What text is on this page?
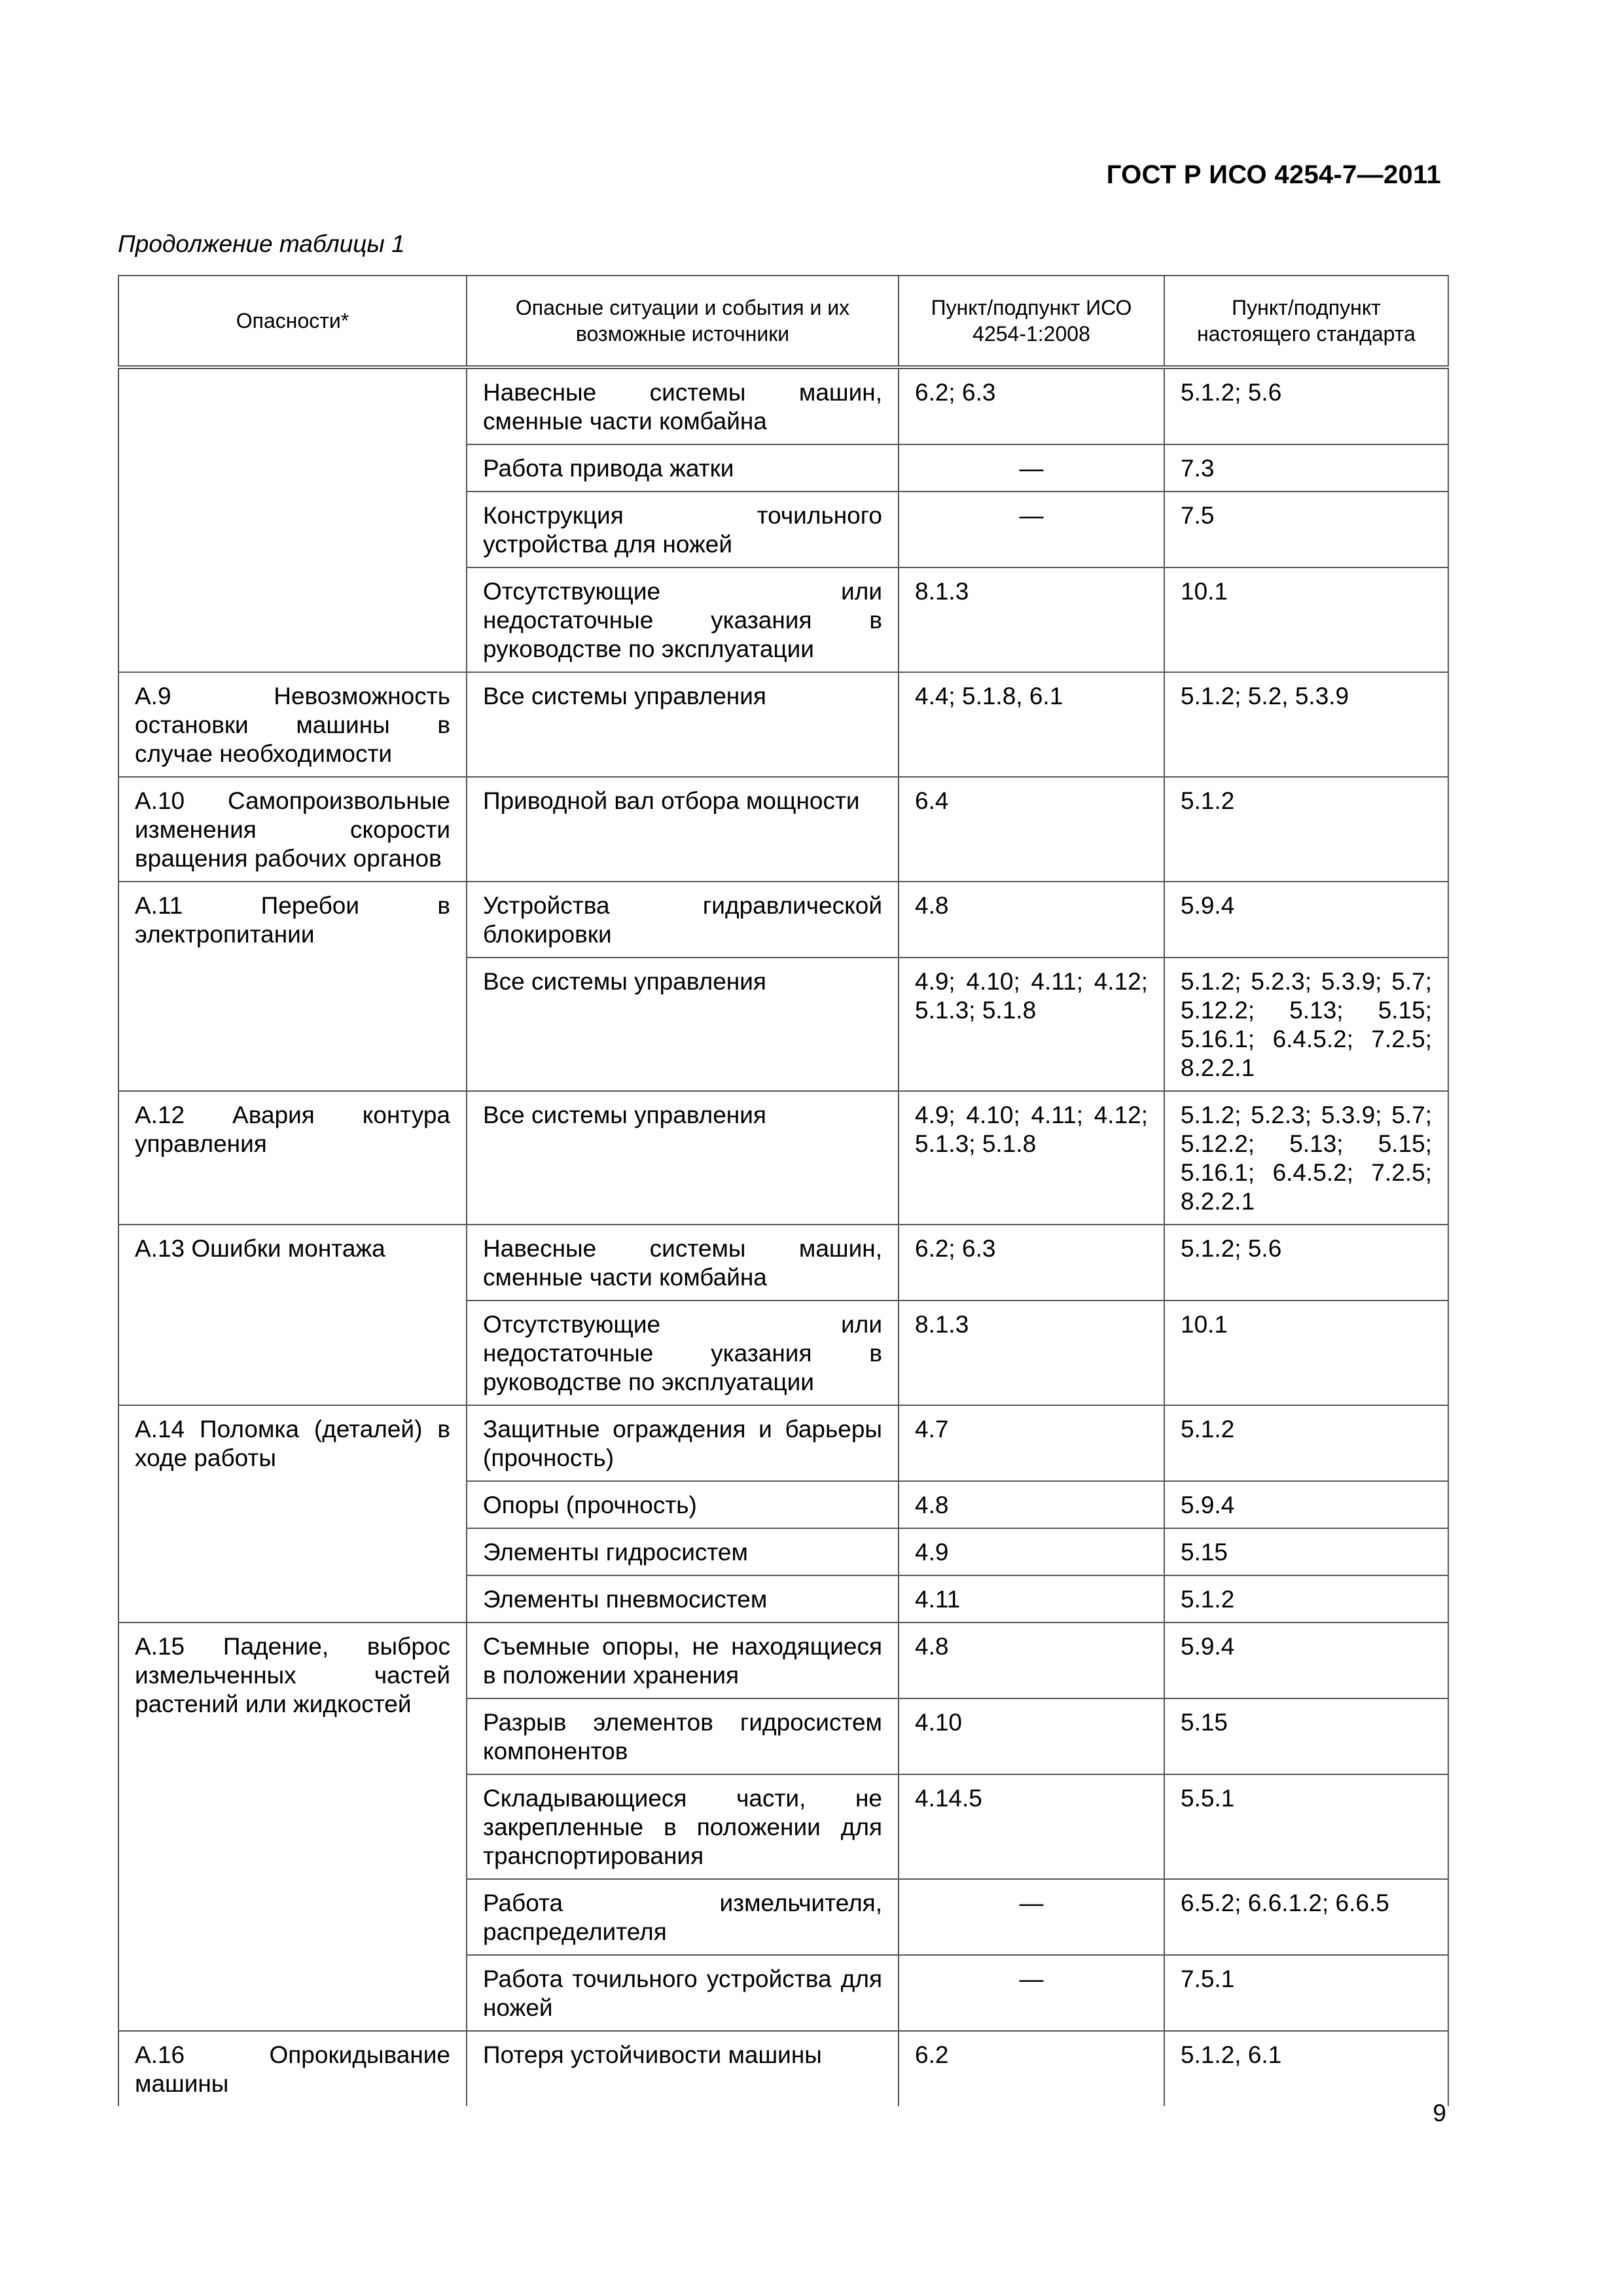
ГОСТ Р ИСО 4254-7—2011
Продолжение таблицы 1
Опасности*	Опасные ситуации и события и их возможные источники	Пункт/подпункт ИСО 4254-1:2008	Пункт/подпункт настоящего стандарта
	Навесные системы машин, сменные части комбайна	6.2; 6.3	5.1.2; 5.6
	Работа привода жатки	—	7.3
	Конструкция точильного устройства для ножей	—	7.5
	Отсутствующие или недостаточные указания в руководстве по эксплуатации	8.1.3	10.1
A.9 Невозможность остановки машины в случае необходимости	Все системы управления	4.4; 5.1.8, 6.1	5.1.2; 5.2, 5.3.9
A.10 Самопроизвольные изменения скорости вращения рабочих органов	Приводной вал отбора мощности	6.4	5.1.2
A.11 Перебои в электропитании	Устройства гидравлической блокировки	4.8	5.9.4
	Все системы управления	4.9; 4.10; 4.11; 4.12; 5.1.3; 5.1.8	5.1.2; 5.2.3; 5.3.9; 5.7; 5.12.2; 5.13; 5.15; 5.16.1; 6.4.5.2; 7.2.5; 8.2.2.1
A.12 Авария контура управления	Все системы управления	4.9; 4.10; 4.11; 4.12; 5.1.3; 5.1.8	5.1.2; 5.2.3; 5.3.9; 5.7; 5.12.2; 5.13; 5.15; 5.16.1; 6.4.5.2; 7.2.5; 8.2.2.1
A.13 Ошибки монтажа	Навесные системы машин, сменные части комбайна	6.2; 6.3	5.1.2; 5.6
	Отсутствующие или недостаточные указания в руководстве по эксплуатации	8.1.3	10.1
A.14 Поломка (деталей) в ходе работы	Защитные ограждения и барьеры (прочность)	4.7	5.1.2
	Опоры (прочность)	4.8	5.9.4
	Элементы гидросистем	4.9	5.15
	Элементы пневмосистем	4.11	5.1.2
A.15 Падение, выброс измельченных частей растений или жидкостей	Съемные опоры, не находящиеся в положении хранения	4.8	5.9.4
	Разрыв элементов гидросистем компонентов	4.10	5.15
	Складывающиеся части, не закрепленные в положении для транспортирования	4.14.5	5.5.1
	Работа измельчителя, распределителя	—	6.5.2; 6.6.1.2; 6.6.5
	Работа точильного устройства для ножей	—	7.5.1
A.16 Опрокидывание машины	Потеря устойчивости машины	6.2	5.1.2, 6.1
9
